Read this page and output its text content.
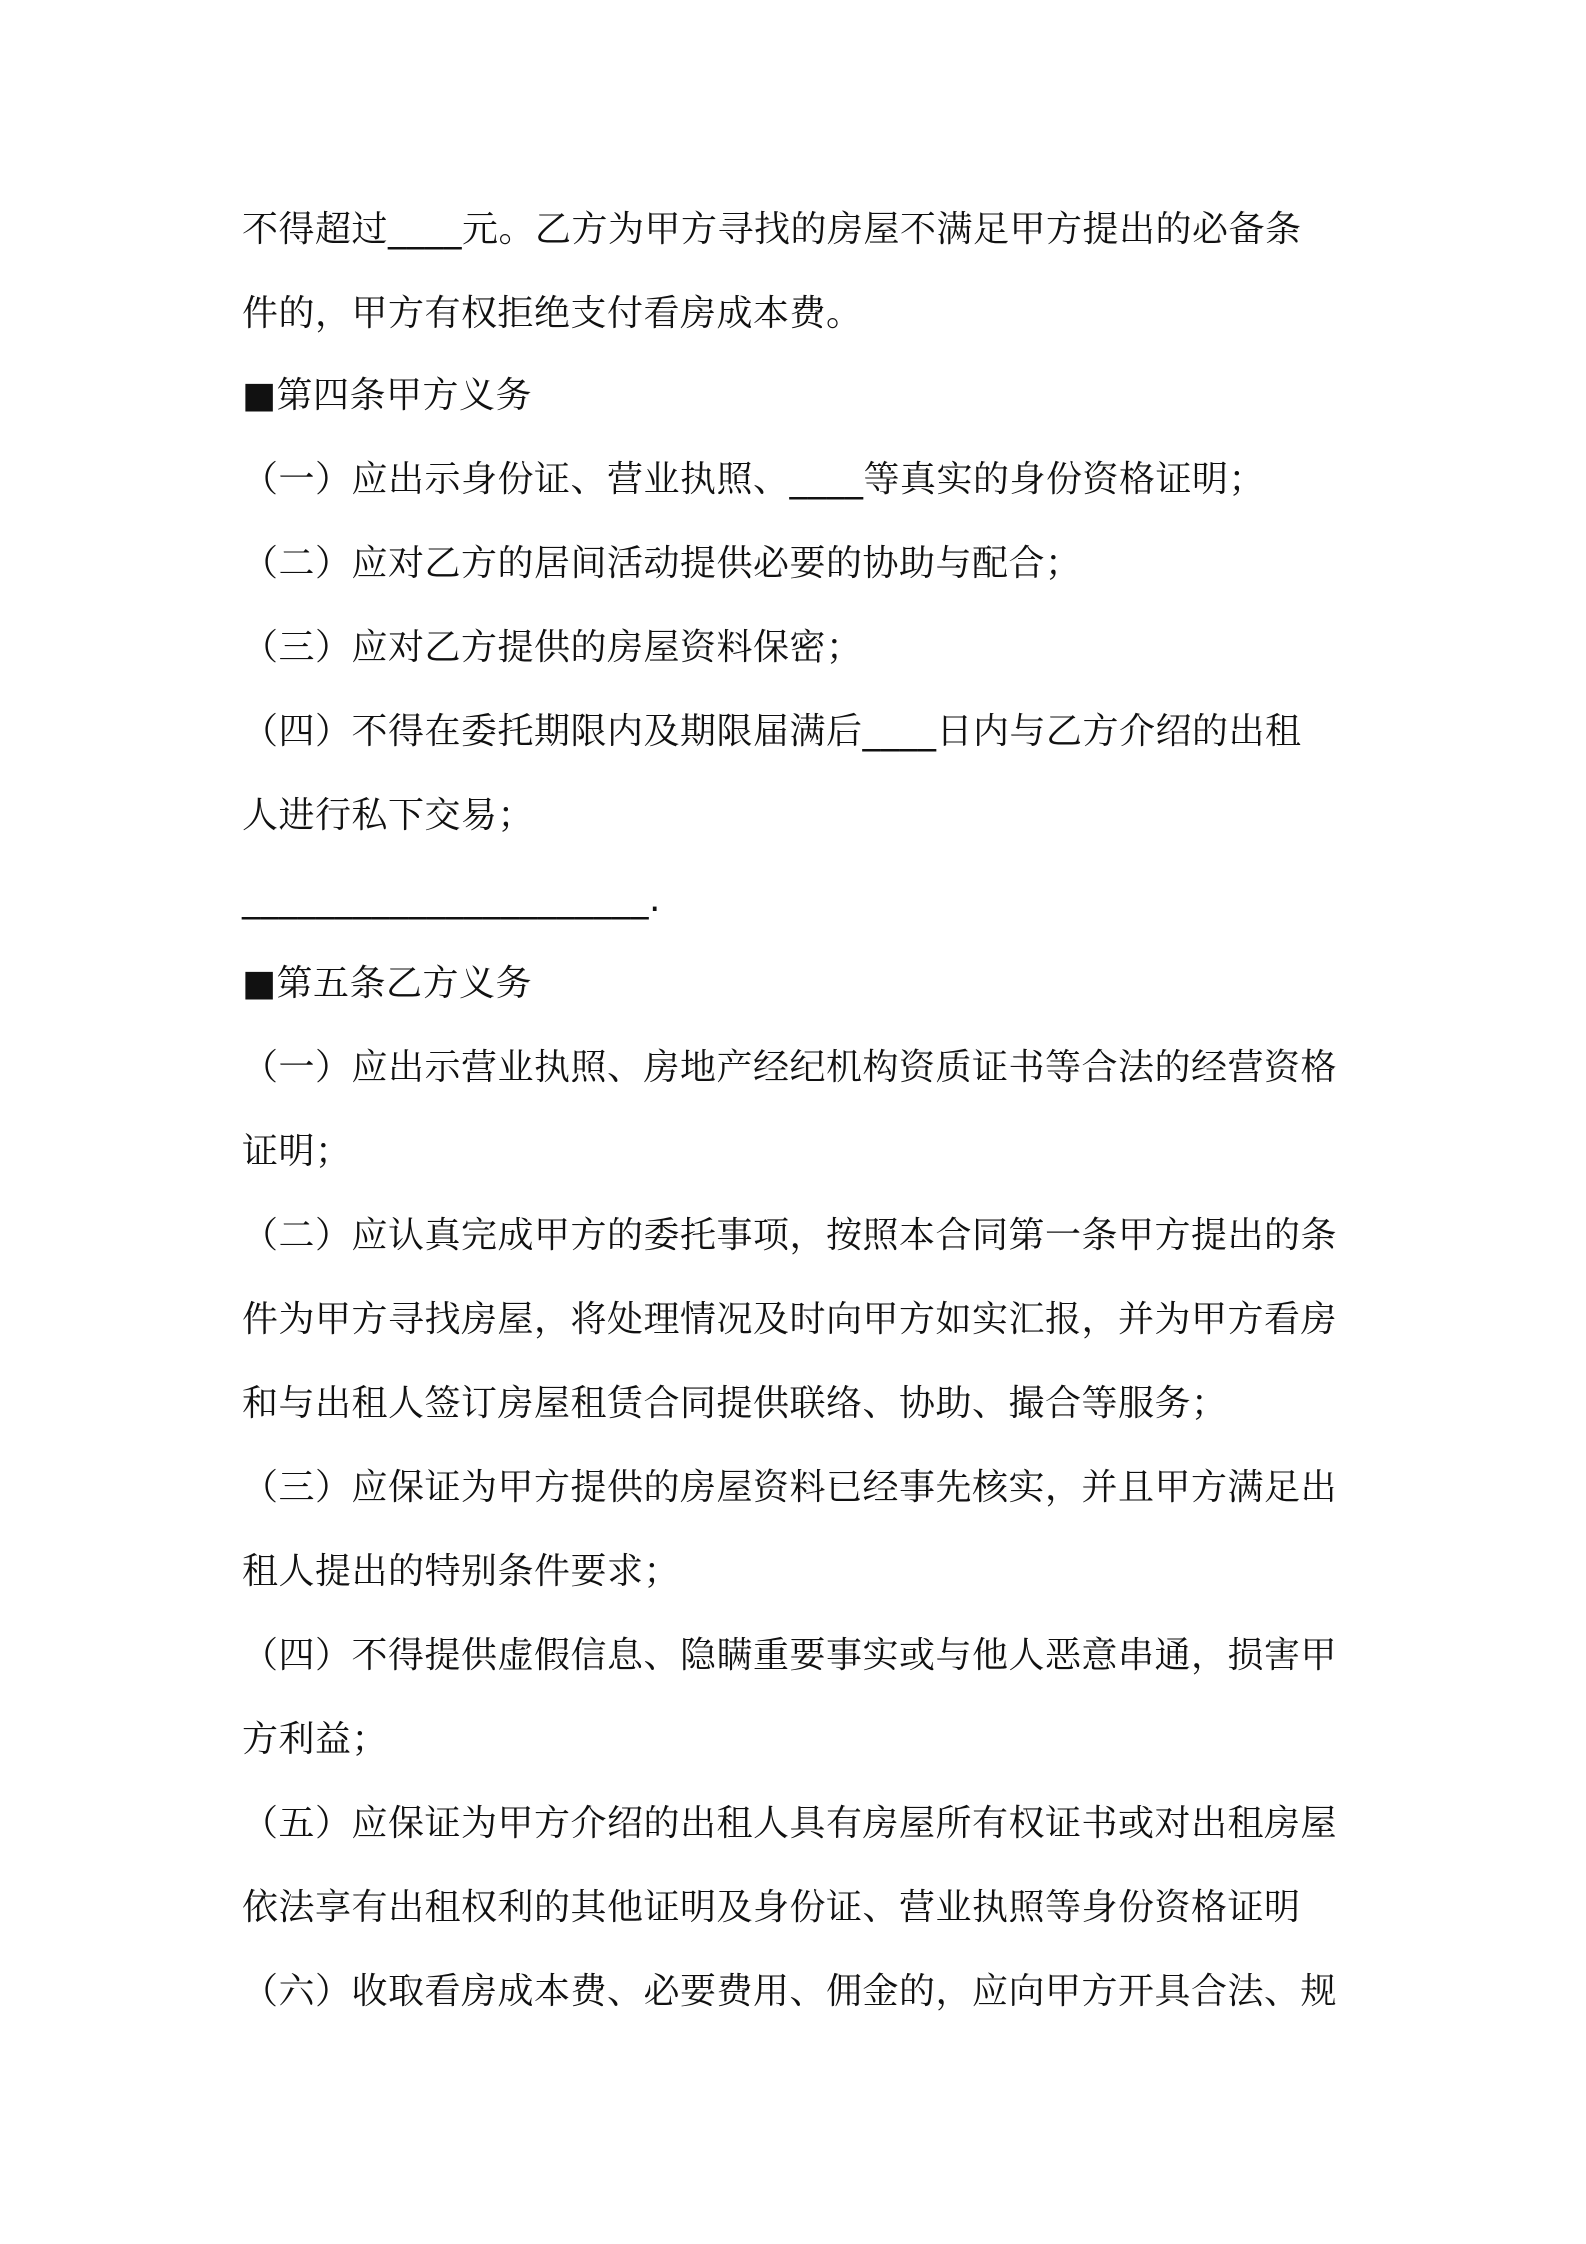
不得超过____元。乙方为甲方寻找的房屋不满足甲方提出的必备条
件的，甲方有权拒绝支付看房成本费。
■第四条甲方义务
（一）应出示身份证、营业执照、____等真实的身份资格证明；
（二）应对乙方的居间活动提供必要的协助与配合；
（三）应对乙方提供的房屋资料保密；
（四）不得在委托期限内及期限届满后____日内与乙方介绍的出租
人进行私下交易；
______________________.
■第五条乙方义务
（一）应出示营业执照、房地产经纪机构资质证书等合法的经营资格
证明；
（二）应认真完成甲方的委托事项，按照本合同第一条甲方提出的条
件为甲方寻找房屋，将处理情况及时向甲方如实汇报，并为甲方看房
和与出租人签订房屋租赁合同提供联络、协助、撮合等服务；
（三）应保证为甲方提供的房屋资料已经事先核实，并且甲方满足出
租人提出的特别条件要求；
（四）不得提供虚假信息、隐瞒重要事实或与他人恶意串通，损害甲
方利益；
（五）应保证为甲方介绍的出租人具有房屋所有权证书或对出租房屋
依法享有出租权利的其他证明及身份证、营业执照等身份资格证明
（六）收取看房成本费、必要费用、佣金的，应向甲方开具合法、规
